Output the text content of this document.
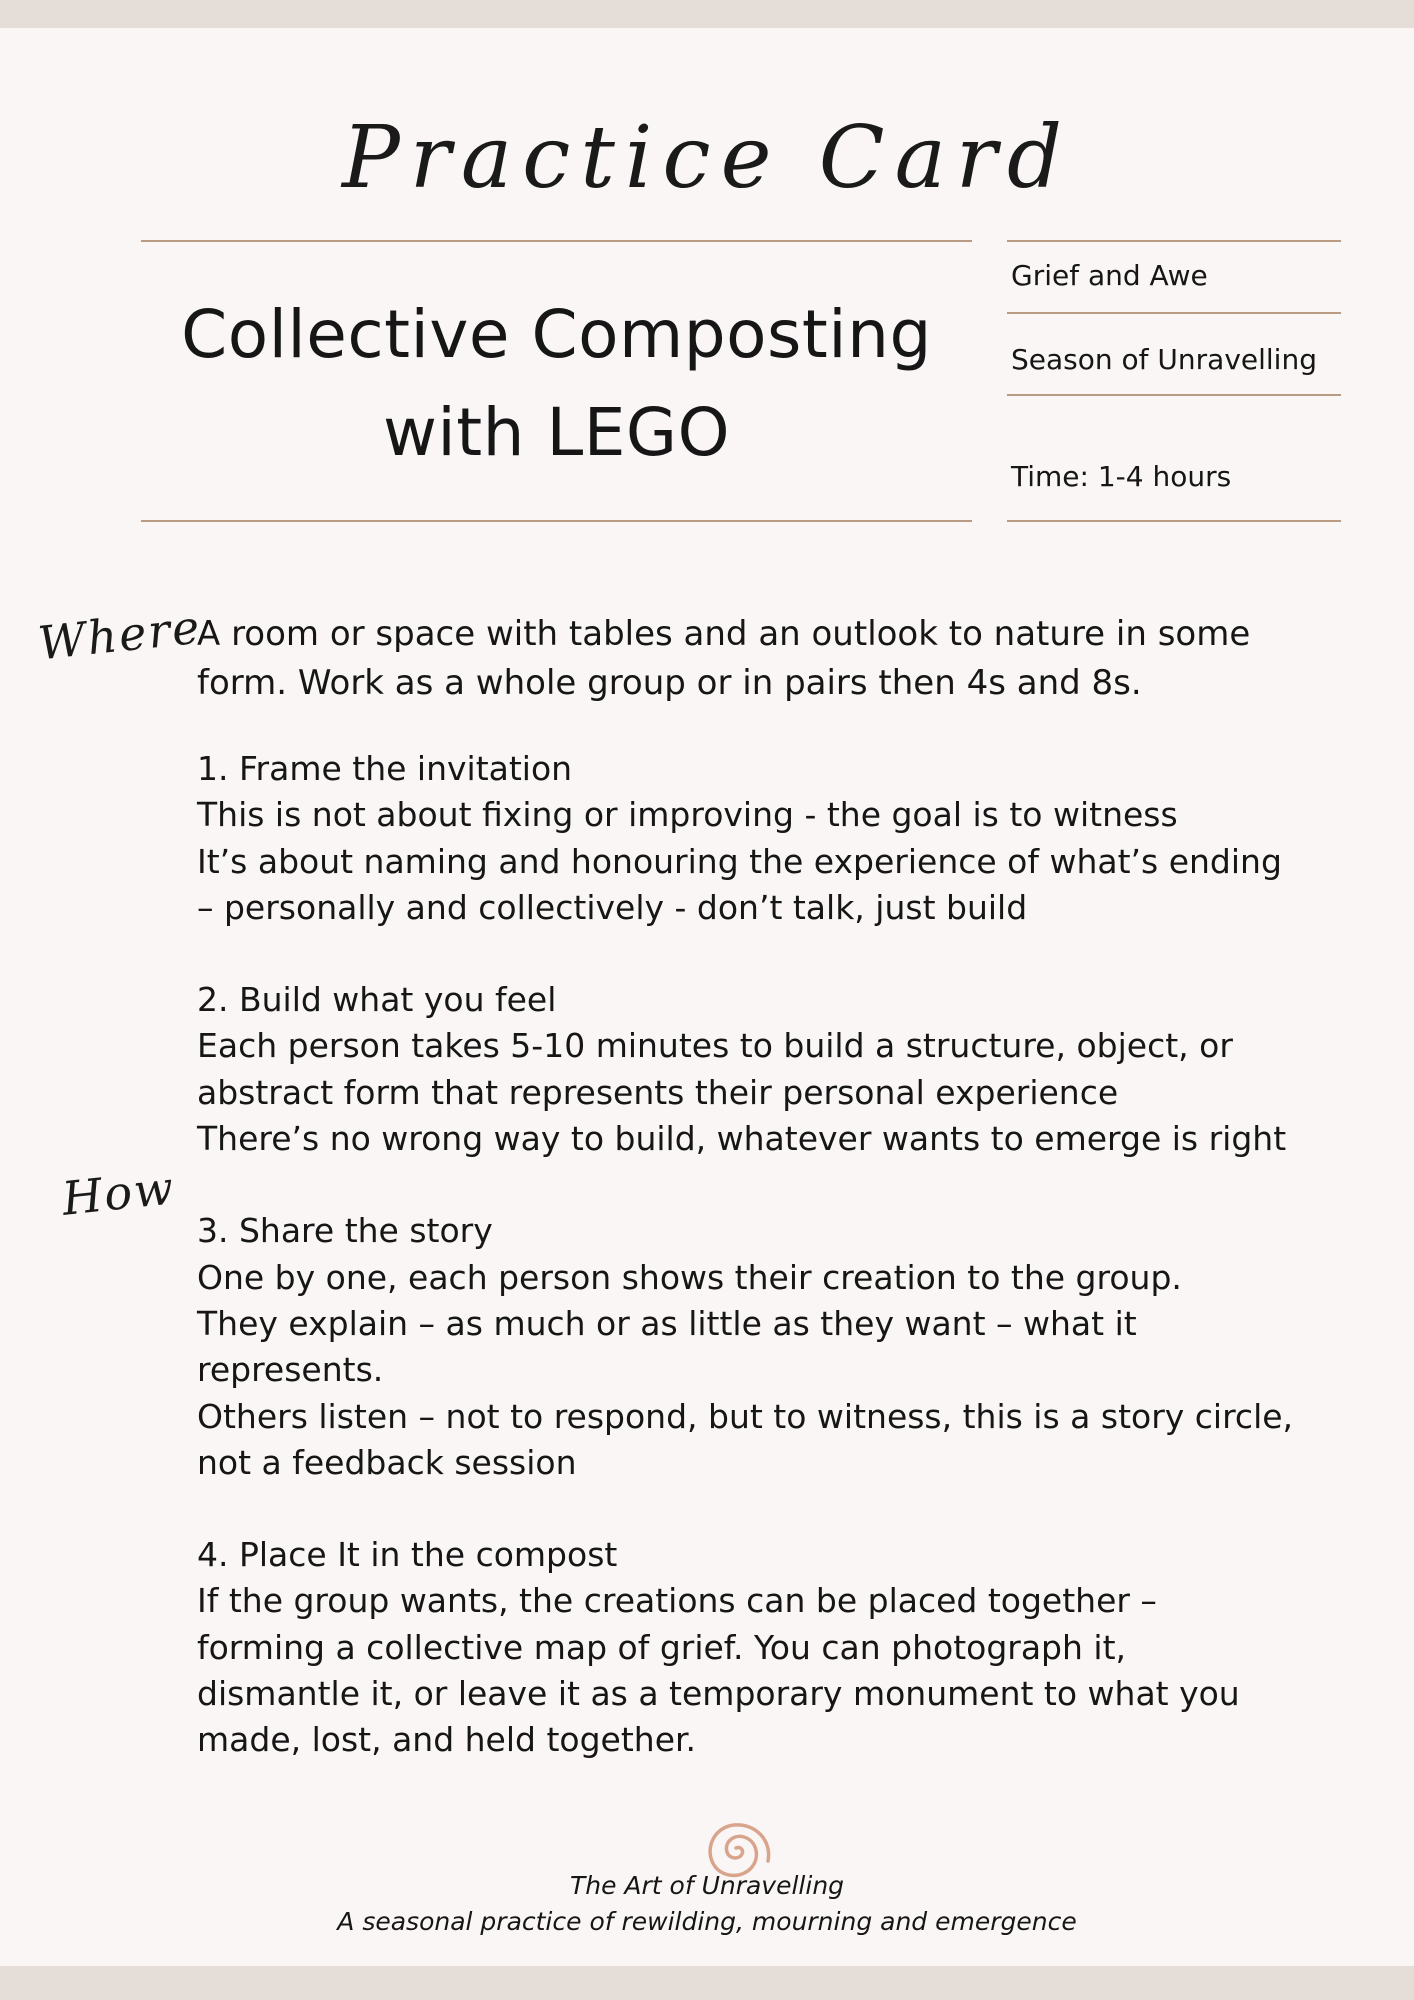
Practice Card
Collective Composting
with LEGO
Grief and Awe
Season of Unravelling
Time: 1-4 hours
Where
How

A room or space with tables and an outlook to nature in some

form. Work as a whole group or in pairs then 4s and 8s.

1. Frame the invitation

This is not about fixing or improving - the goal is to witness

It’s about naming and honouring the experience of what’s ending

– personally and collectively - don’t talk, just build

2. Build what you feel

Each person takes 5-10 minutes to build a structure, object, or

abstract form that represents their personal experience

There’s no wrong way to build, whatever wants to emerge is right

3. Share the story

One by one, each person shows their creation to the group.

They explain – as much or as little as they want – what it

represents.

Others listen – not to respond, but to witness, this is a story circle,

not a feedback session

4. Place It in the compost

If the group wants, the creations can be placed together –

forming a collective map of grief. You can photograph it,

dismantle it, or leave it as a temporary monument to what you

made, lost, and held together.

The Art of Unravelling
A seasonal practice of rewilding, mourning and emergence
